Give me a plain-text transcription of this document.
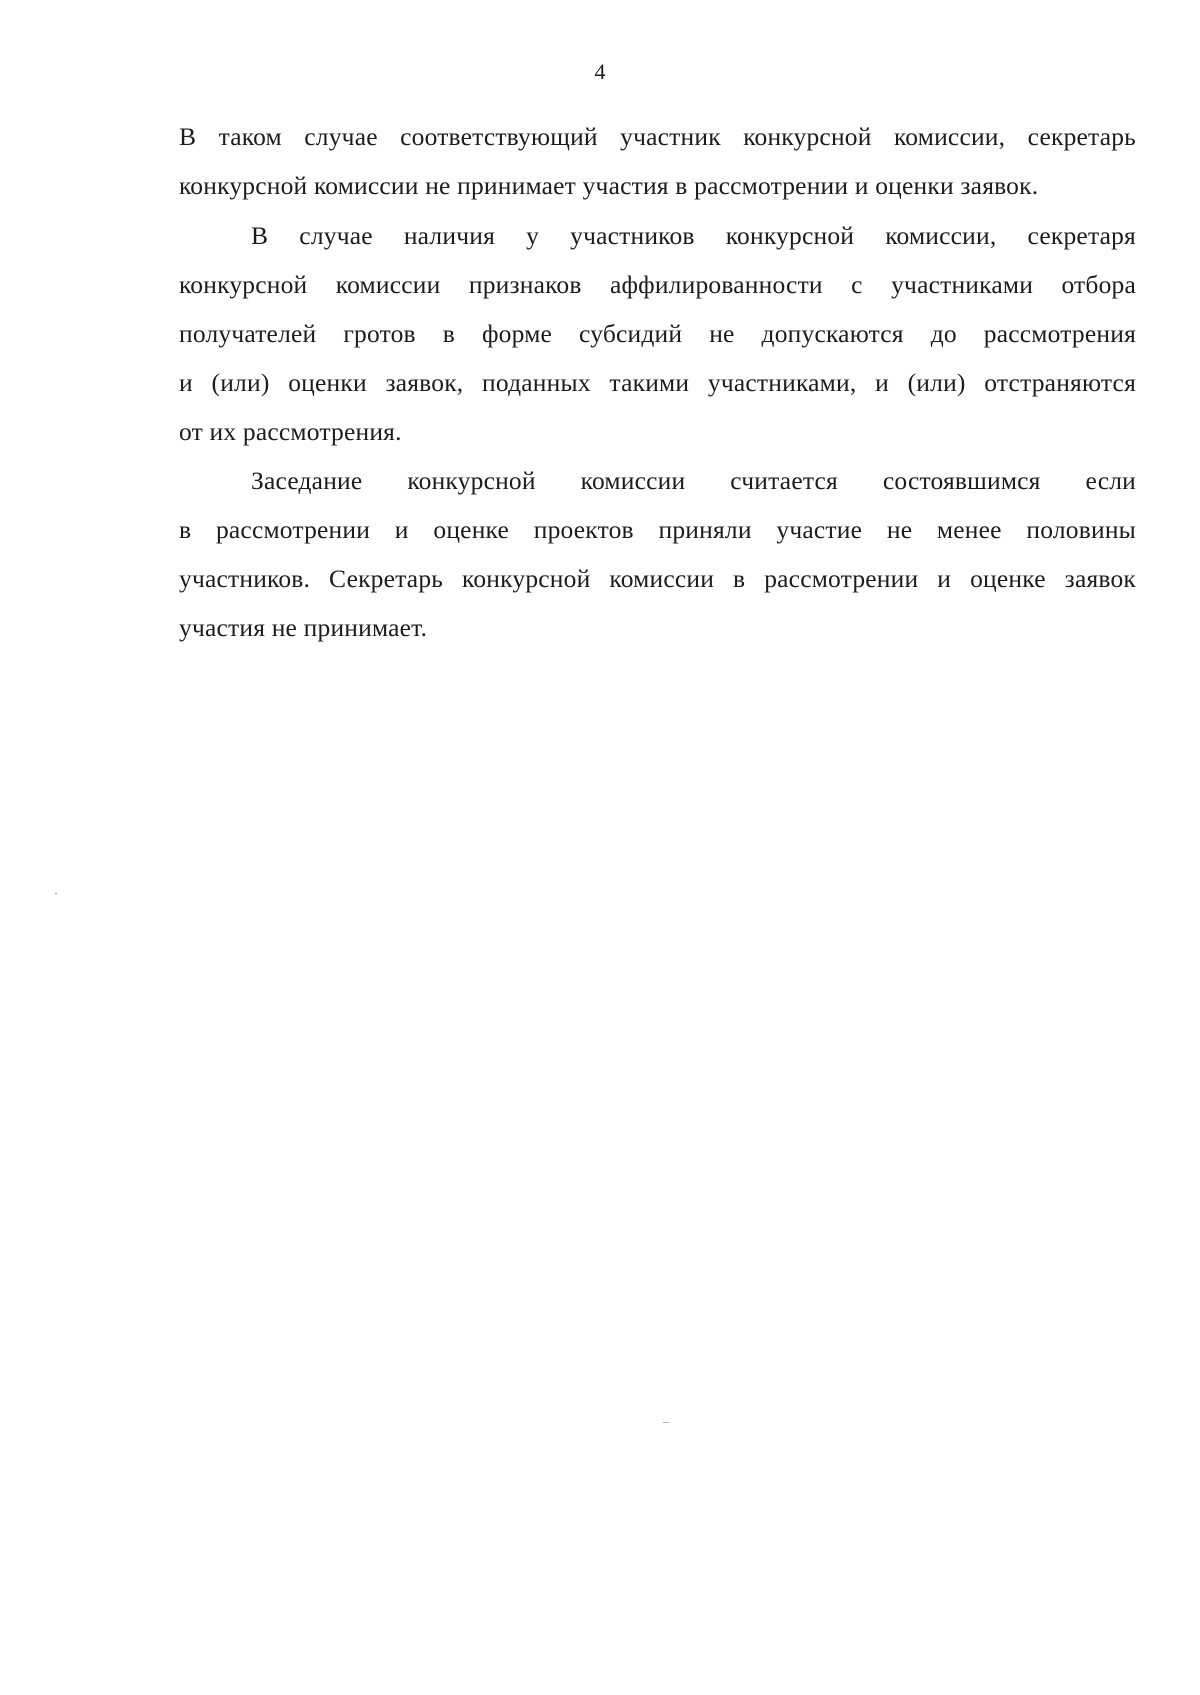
4
В таком случае соответствующий участник конкурсной комиссии, секретарь
конкурсной комиссии не принимает участия в рассмотрении и оценки заявок.
В случае наличия у участников конкурсной комиссии, секретаря
конкурсной комиссии признаков аффилированности с участниками отбора
получателей гротов в форме субсидий не допускаются до рассмотрения
и (или) оценки заявок, поданных такими участниками, и (или) отстраняются
от их рассмотрения.
Заседание конкурсной комиссии считается состоявшимся если
в рассмотрении и оценке проектов приняли участие не менее половины
участников. Секретарь конкурсной комиссии в рассмотрении и оценке заявок
участия не принимает.
